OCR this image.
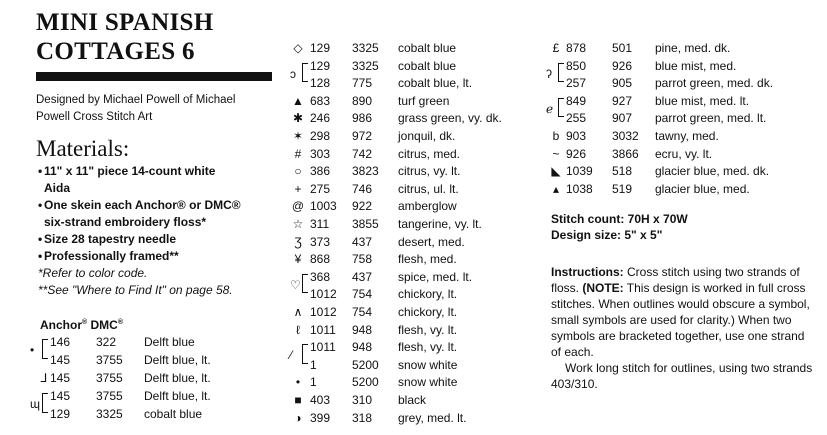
MINI SPANISH
COTTAGES 6
Designed by Michael Powell of Michael
Powell Cross Stitch Art
Materials:
• 11" x 11" piece 14-count white
Aida
• One skein each Anchor® or DMC®
six-strand embroidery floss*
• Size 28 tapestry needle
• Professionally framed**
*Refer to color code.
**See "Where to Find It" on page 58.
Anchor® DMC®
146 322 Delft blue
145 3755 Delft blue, lt.
⅃ 145 3755 Delft blue, lt.
145 3755 Delft blue, lt.
129 3325 cobalt blue
•
ɰ
◇ 129 3325 cobalt blue
129 3325 cobalt blue
128 775 cobalt blue, lt.
▲ 683 890 turf green
✱ 246 986 grass green, vy. dk.
✶ 298 972 jonquil, dk.
# 303 742 citrus, med.
○ 386 3823 citrus, vy. lt.
+ 275 746 citrus, ul. lt.
@ 1003 922 amberglow
☆ 311 3855 tangerine, vy. lt.
Ʒ 373 437 desert, med.
¥ 868 758 flesh, med.
368 437 spice, med. lt.
1012 754 chickory, lt.
∧ 1012 754 chickory, lt.
ℓ 1011 948 flesh, vy. lt.
1011 948 flesh, vy. lt.
1	5200 snow white
• 1	5200 snow white
■ 403 310 black
◑ 399 318 grey, med. lt.
ɔ
♡
⁄
£ 878 501 pine, med. dk.
850 926 blue mist, med.
257 905 parrot green, med. dk.
849 927 blue mist, med. lt.
255 907 parrot green, med. lt.
b 903 3032 tawny, med.
~ 926 3866 ecru, vy. lt.
◣ 1039 518 glacier blue, med. dk.
▴ 1038 519 glacier blue, med.
ʔ
ℯ
Stitch count: 70H x 70W
Design size: 5" x 5"

Instructions: Cross stitch using two strands of floss. (NOTE: This design is worked in full cross stitches. When outlines would obscure a symbol, small symbols are used for clarity.) When two symbols are bracketed together, use one strand of each.

Work long stitch for outlines, using two strands 403/310.
